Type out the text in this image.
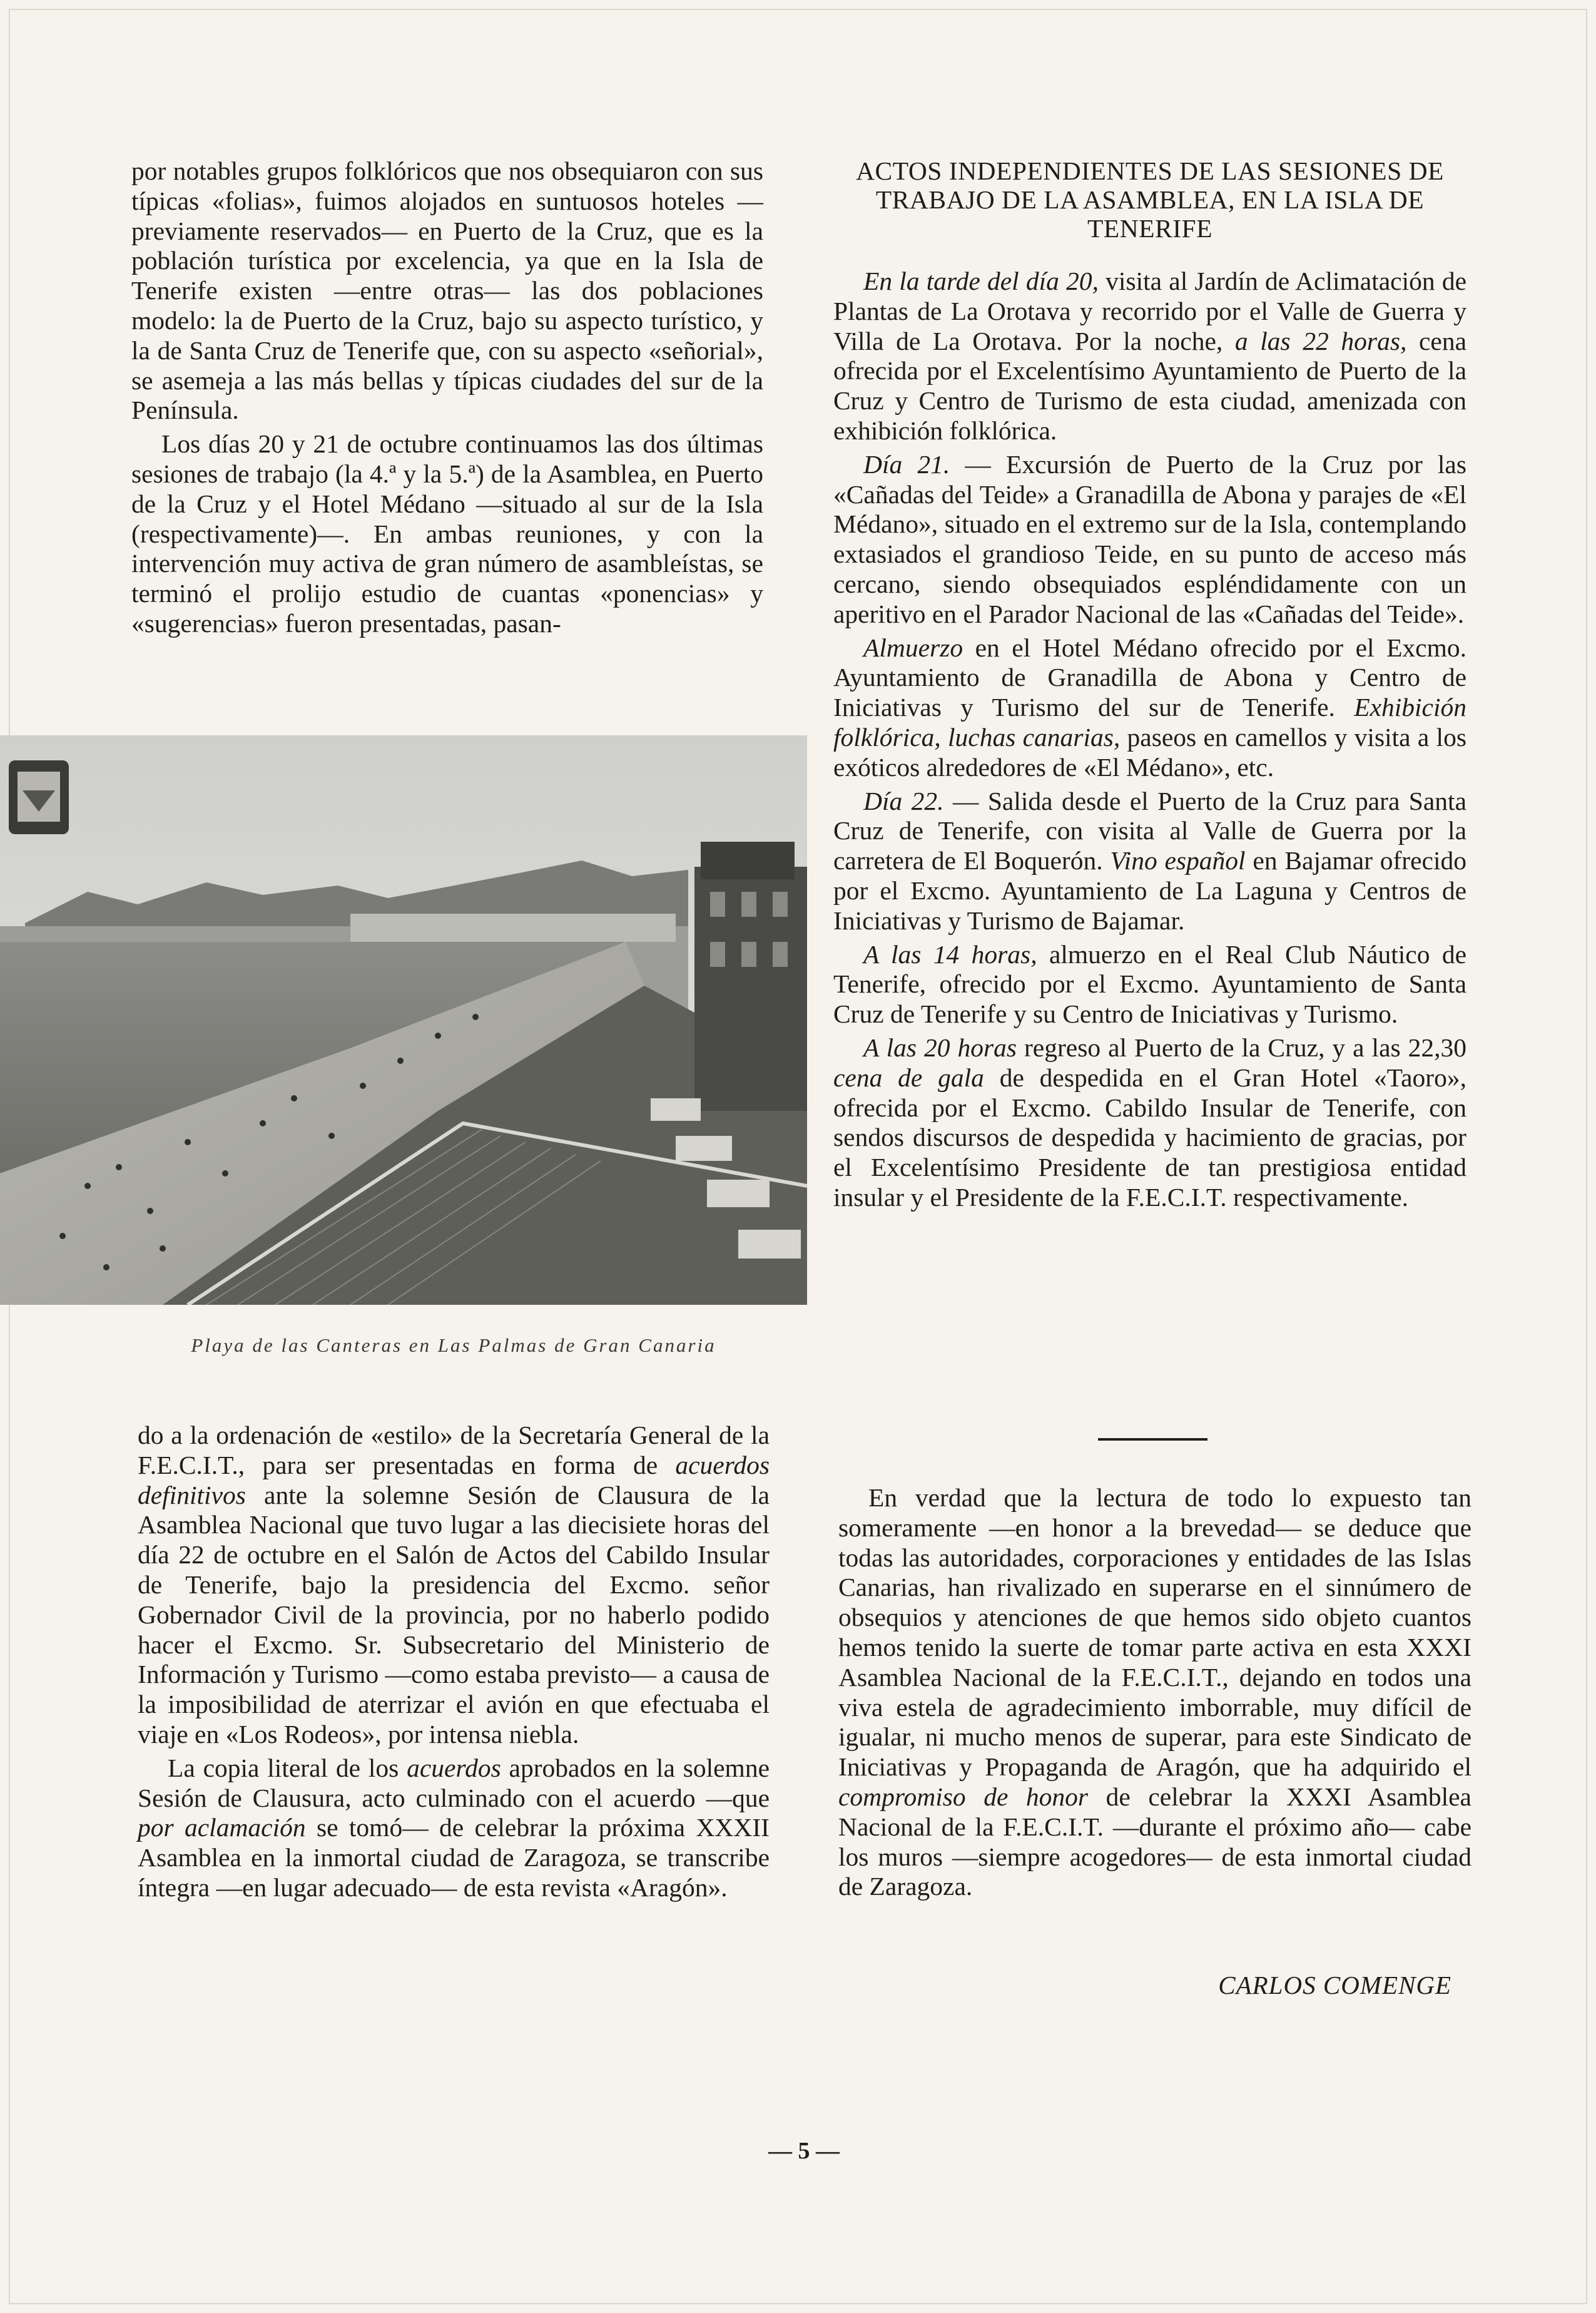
por notables grupos folklóricos que nos obsequiaron con sus típicas «folias», fuimos alojados en suntuosos hoteles —previamente reservados— en Puerto de la Cruz, que es la población turística por excelencia, ya que en la Isla de Tenerife existen —entre otras— las dos poblaciones modelo: la de Puerto de la Cruz, bajo su aspecto turístico, y la de Santa Cruz de Tenerife que, con su aspecto «señorial», se asemeja a las más bellas y típicas ciudades del sur de la Península.

Los días 20 y 21 de octubre continuamos las dos últimas sesiones de trabajo (la 4.ª y la 5.ª) de la Asamblea, en Puerto de la Cruz y el Hotel Médano —situado al sur de la Isla (respectivamente)—. En ambas reuniones, y con la intervención muy activa de gran número de asambleístas, se terminó el prolijo estudio de cuantas «ponencias» y «sugerencias» fueron presentadas, pasan-

Playa de las Canteras en Las Palmas de Gran Canaria

do a la ordenación de «estilo» de la Secretaría General de la F.E.C.I.T., para ser presentadas en forma de acuerdos definitivos ante la solemne Sesión de Clausura de la Asamblea Nacional que tuvo lugar a las diecisiete horas del día 22 de octubre en el Salón de Actos del Cabildo Insular de Tenerife, bajo la presidencia del Excmo. señor Gobernador Civil de la provincia, por no haberlo podido hacer el Excmo. Sr. Subsecretario del Ministerio de Información y Turismo —como estaba previsto— a causa de la imposibilidad de aterrizar el avión en que efectuaba el viaje en «Los Rodeos», por intensa niebla.

La copia literal de los acuerdos aprobados en la solemne Sesión de Clausura, acto culminado con el acuerdo —que por aclamación se tomó— de celebrar la próxima XXXII Asamblea en la inmortal ciudad de Zaragoza, se transcribe íntegra —en lugar adecuado— de esta revista «Aragón».

ACTOS INDEPENDIENTES DE LAS SESIONES DE TRABAJO DE LA ASAMBLEA, EN LA ISLA DE TENERIFE

En la tarde del día 20, visita al Jardín de Aclimatación de Plantas de La Orotava y recorrido por el Valle de Guerra y Villa de La Orotava. Por la noche, a las 22 horas, cena ofrecida por el Excelentísimo Ayuntamiento de Puerto de la Cruz y Centro de Turismo de esta ciudad, amenizada con exhibición folklórica.

Día 21. — Excursión de Puerto de la Cruz por las «Cañadas del Teide» a Granadilla de Abona y parajes de «El Médano», situado en el extremo sur de la Isla, contemplando extasiados el grandioso Teide, en su punto de acceso más cercano, siendo obsequiados espléndidamente con un aperitivo en el Parador Nacional de las «Cañadas del Teide».

Almuerzo en el Hotel Médano ofrecido por el Excmo. Ayuntamiento de Granadilla de Abona y Centro de Iniciativas y Turismo del sur de Tenerife. Exhibición folklórica, luchas canarias, paseos en camellos y visita a los exóticos alrededores de «El Médano», etc.

Día 22. — Salida desde el Puerto de la Cruz para Santa Cruz de Tenerife, con visita al Valle de Guerra por la carretera de El Boquerón. Vino español en Bajamar ofrecido por el Excmo. Ayuntamiento de La Laguna y Centros de Iniciativas y Turismo de Bajamar.

A las 14 horas, almuerzo en el Real Club Náutico de Tenerife, ofrecido por el Excmo. Ayuntamiento de Santa Cruz de Tenerife y su Centro de Iniciativas y Turismo.

A las 20 horas regreso al Puerto de la Cruz, y a las 22,30 cena de gala de despedida en el Gran Hotel «Taoro», ofrecida por el Excmo. Cabildo Insular de Tenerife, con sendos discursos de despedida y hacimiento de gracias, por el Excelentísimo Presidente de tan prestigiosa entidad insular y el Presidente de la F.E.C.I.T. respectivamente.

En verdad que la lectura de todo lo expuesto tan someramente —en honor a la brevedad— se deduce que todas las autoridades, corporaciones y entidades de las Islas Canarias, han rivalizado en superarse en el sinnúmero de obsequios y atenciones de que hemos sido objeto cuantos hemos tenido la suerte de tomar parte activa en esta XXXI Asamblea Nacional de la F.E.C.I.T., dejando en todos una viva estela de agradecimiento imborrable, muy difícil de igualar, ni mucho menos de superar, para este Sindicato de Iniciativas y Propaganda de Aragón, que ha adquirido el compromiso de honor de celebrar la XXXI Asamblea Nacional de la F.E.C.I.T. —durante el próximo año— cabe los muros —siempre acogedores— de esta inmortal ciudad de Zaragoza.

CARLOS COMENGE
— 5 —
